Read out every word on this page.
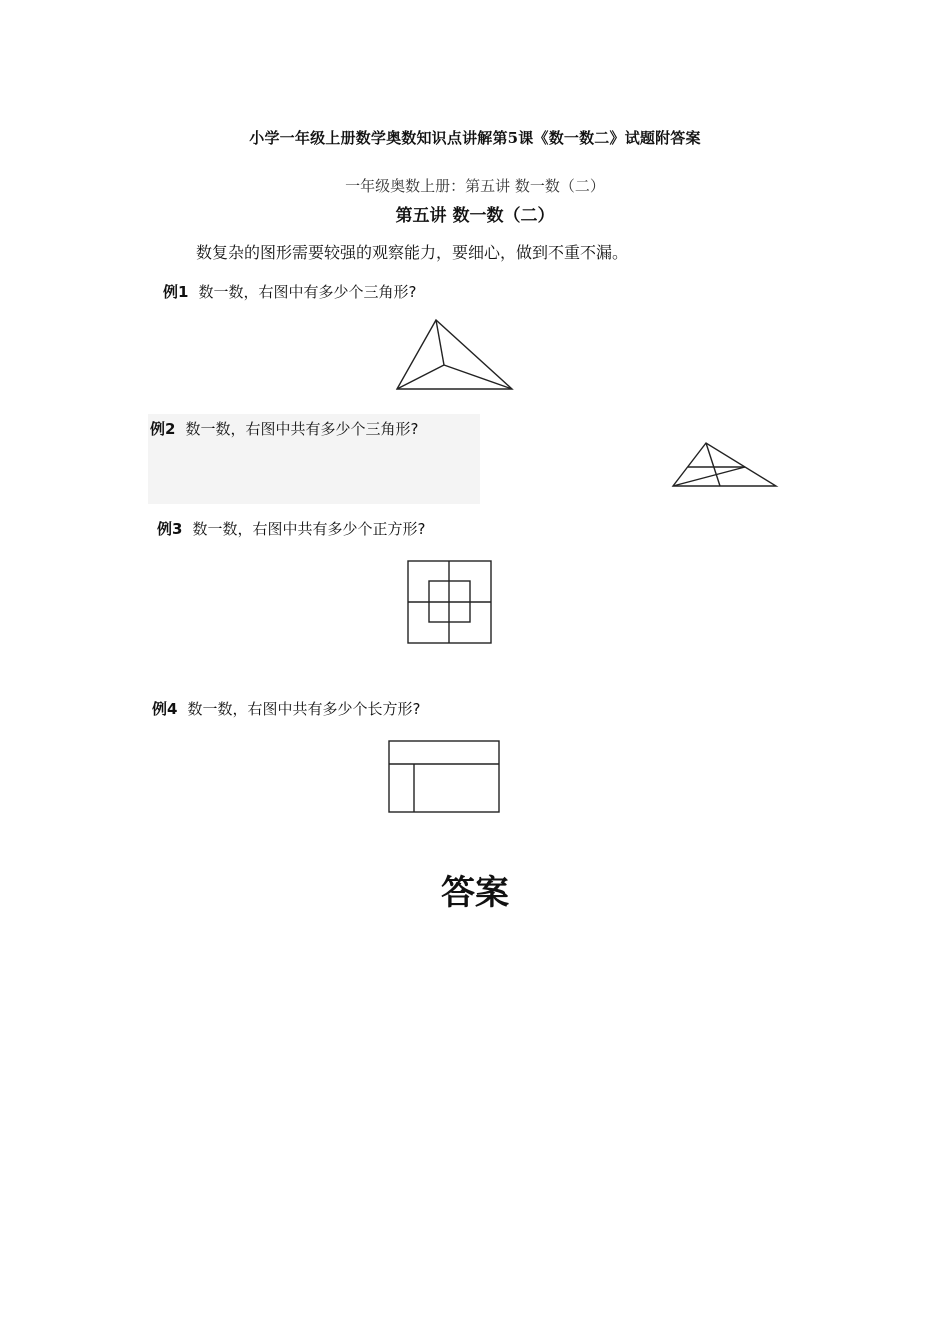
小学一年级上册数学奥数知识点讲解第5课《数一数二》试题附答案
一年级奥数上册：第五讲 数一数（二）
第五讲 数一数（二）
数复杂的图形需要较强的观察能力，要细心，做到不重不漏。
例1 数一数，右图中有多少个三角形?
例2 数一数，右图中共有多少个三角形?
例3 数一数，右图中共有多少个正方形?
例4 数一数，右图中共有多少个长方形?
答案
